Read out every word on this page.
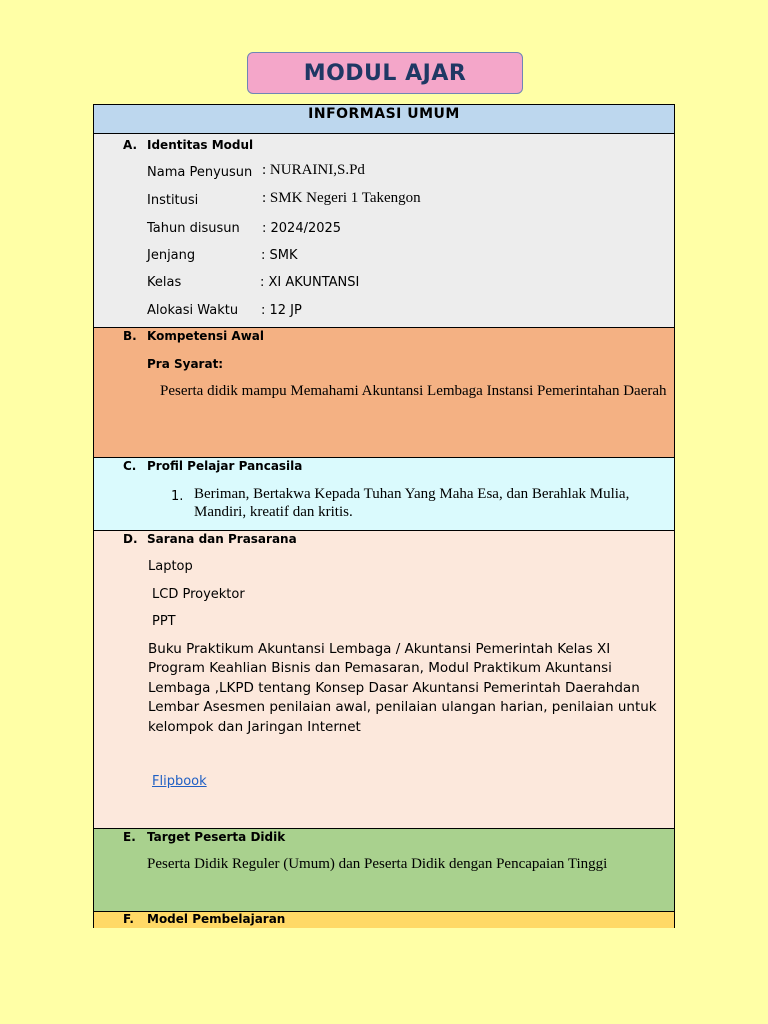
MODUL AJAR
INFORMASI UMUM
A. Identitas Modul
Nama Penyusun : NURAINI,S.Pd
Institusi	: SMK Negeri 1 Takengon
Tahun disusun : 2024/2025
Jenjang	: SMK
Kelas	: XI AKUNTANSI
Alokasi Waktu : 12 JP
B. Kompetensi Awal
Pra Syarat:
Peserta didik mampu Memahami Akuntansi Lembaga Instansi Pemerintahan Daerah
C. Profil Pelajar Pancasila
1. Beriman, Bertakwa Kepada Tuhan Yang Maha Esa, dan Berahlak Mulia, Mandiri, kreatif dan kritis.
D. Sarana dan Prasarana
Laptop
LCD Proyektor
PPT
Buku Praktikum Akuntansi Lembaga / Akuntansi Pemerintah Kelas XI Program Keahlian Bisnis dan Pemasaran, Modul Praktikum Akuntansi Lembaga ,LKPD tentang Konsep Dasar Akuntansi Pemerintah Daerahdan Lembar Asesmen penilaian awal, penilaian ulangan harian, penilaian untuk kelompok dan Jaringan Internet
Flipbook
E. Target Peserta Didik
Peserta Didik Reguler (Umum) dan Peserta Didik dengan Pencapaian Tinggi
F. Model Pembelajaran
